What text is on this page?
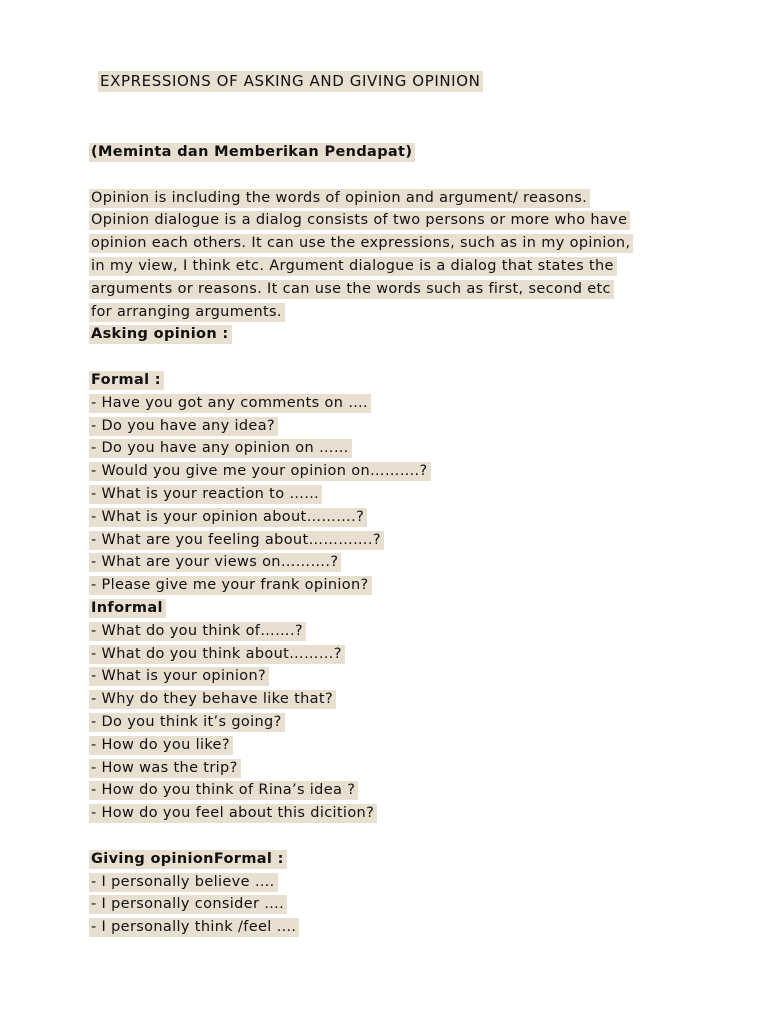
EXPRESSIONS OF ASKING AND GIVING OPINION
(Meminta dan Memberikan Pendapat)
Opinion is including the words of opinion and argument/ reasons.
Opinion dialogue is a dialog consists of two persons or more who have
opinion each others. It can use the expressions, such as in my opinion,
in my view, I think etc. Argument dialogue is a dialog that states the
arguments or reasons. It can use the words such as first, second etc
for arranging arguments.
Asking opinion :
Formal :
- Have you got any comments on ….
- Do you have any idea?
- Do you have any opinion on ……
- Would you give me your opinion on……….?
- What is your reaction to ……
- What is your opinion about……….?
- What are you feeling about………….?
- What are your views on……….?
- Please give me your frank opinion?
Informal
- What do you think of…….?
- What do you think about………?
- What is your opinion?
- Why do they behave like that?
- Do you think it’s going?
- How do you like?
- How was the trip?
- How do you think of Rina’s idea ?
- How do you feel about this dicition?
Giving opinionFormal :
- I personally believe ….
- I personally consider ….
- I personally think /feel ….
